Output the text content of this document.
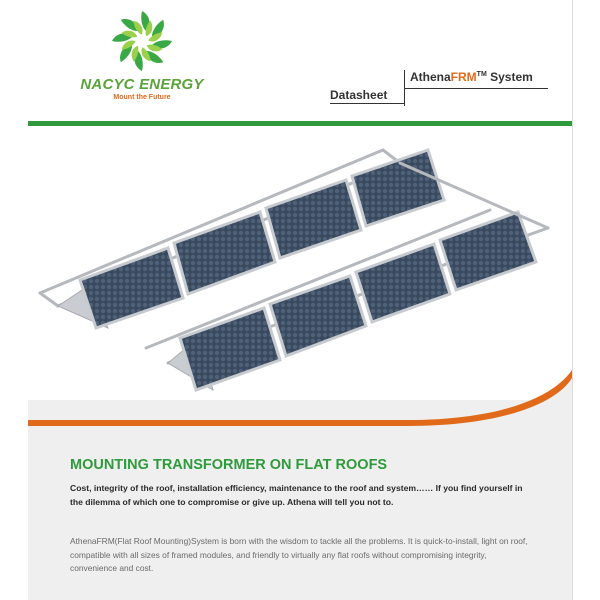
NACYC ENERGY
Mount the Future
AthenaFRM™ System
Datasheet
MOUNTING TRANSFORMER ON FLAT ROOFS
Cost, integrity of the roof, installation efficiency, maintenance to the roof and system…… If you find yourself in the dilemma of which one to compromise or give up. Athena will tell you not to.
AthenaFRM(Flat Roof Mounting)System is born with the wisdom to tackle all the problems. It is quick-to-install, light on roof, compatible with all sizes of framed modules, and friendly to virtually any flat roofs without compromising integrity, convenience and cost.
